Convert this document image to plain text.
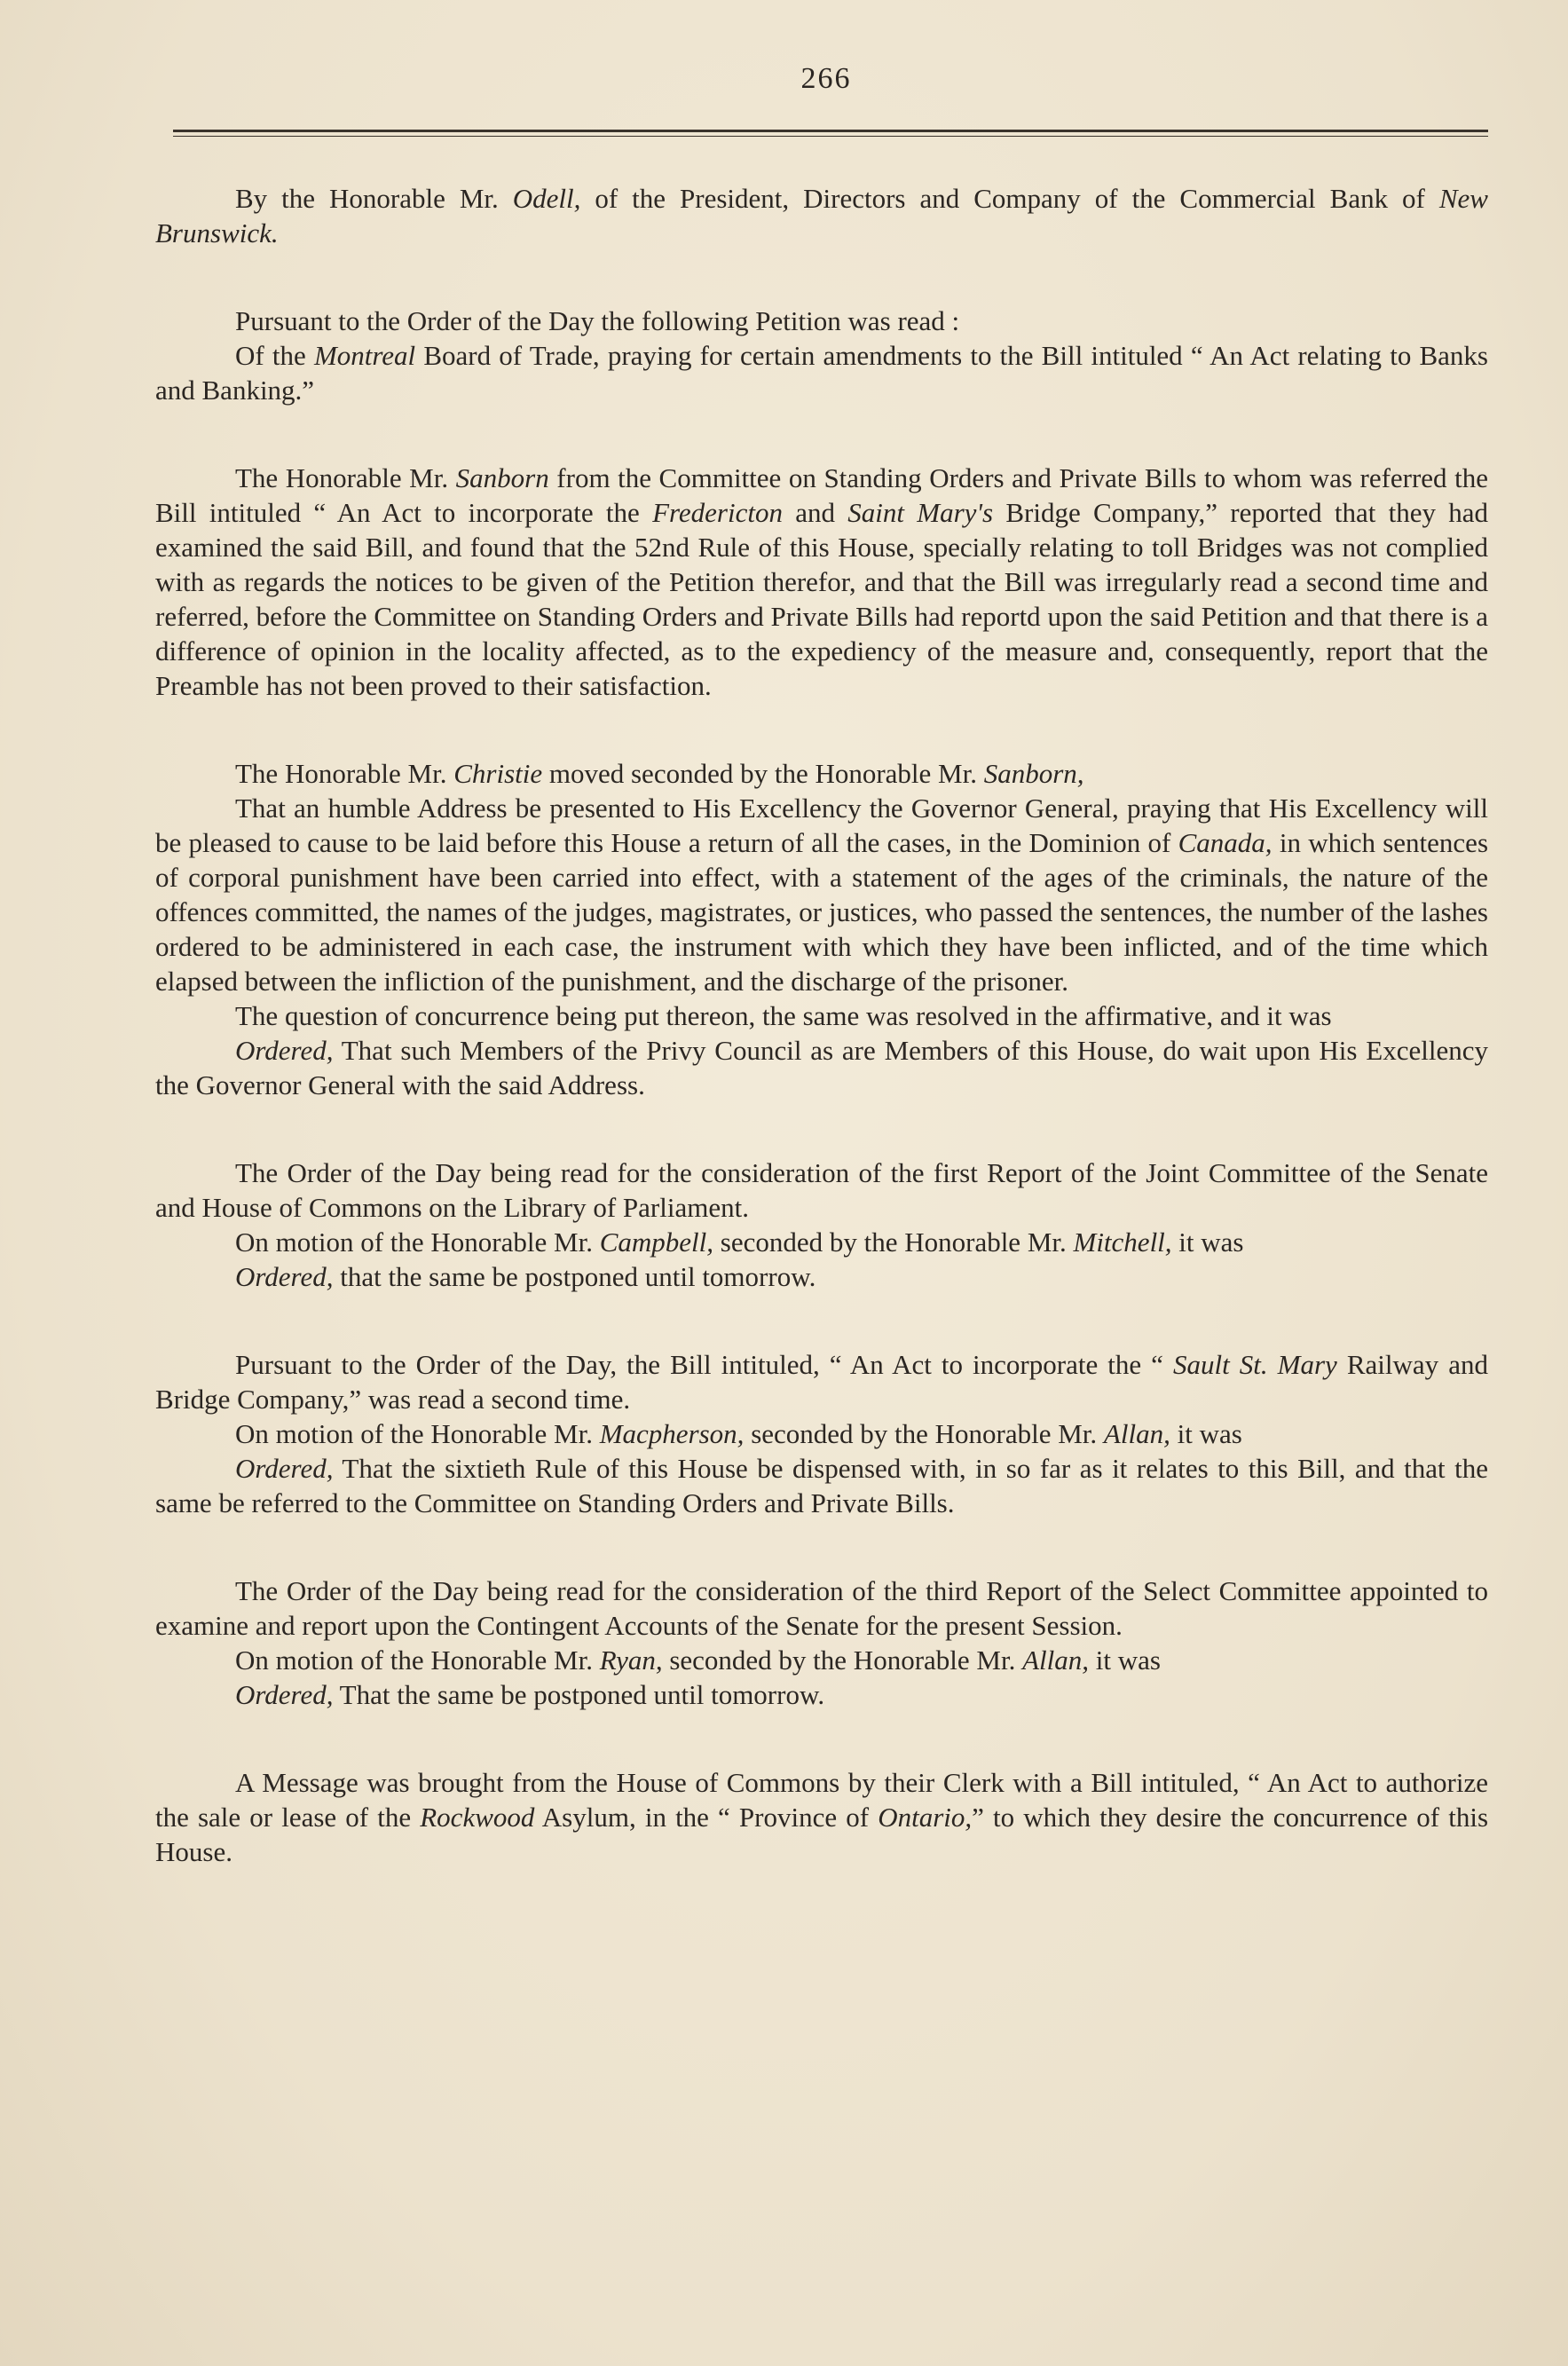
266

By the Honorable Mr. Odell, of the President, Directors and Company of the Commercial Bank of New Brunswick.

Pursuant to the Order of the Day the following Petition was read :

Of the Montreal Board of Trade, praying for certain amendments to the Bill intituled “ An Act relating to Banks and Banking.”

The Honorable Mr. Sanborn from the Committee on Standing Orders and Private Bills to whom was referred the Bill intituled “ An Act to incorporate the Fredericton and Saint Mary's Bridge Company,” reported that they had examined the said Bill, and found that the 52nd Rule of this House, specially relating to toll Bridges was not complied with as regards the notices to be given of the Petition therefor, and that the Bill was irregularly read a second time and referred, before the Committee on Standing Orders and Private Bills had reportd upon the said Petition and that there is a difference of opinion in the locality affected, as to the expediency of the measure and, consequently, report that the Preamble has not been proved to their satisfaction.

The Honorable Mr. Christie moved seconded by the Honorable Mr. Sanborn,

That an humble Address be presented to His Excellency the Governor General, praying that His Excellency will be pleased to cause to be laid before this House a return of all the cases, in the Dominion of Canada, in which sentences of corporal punishment have been carried into effect, with a statement of the ages of the criminals, the nature of the offences committed, the names of the judges, magistrates, or justices, who passed the sentences, the number of the lashes ordered to be administered in each case, the instrument with which they have been inflicted, and of the time which elapsed between the infliction of the punishment, and the discharge of the prisoner.

The question of concurrence being put thereon, the same was resolved in the affirmative, and it was

Ordered, That such Members of the Privy Council as are Members of this House, do wait upon His Excellency the Governor General with the said Address.

The Order of the Day being read for the consideration of the first Report of the Joint Committee of the Senate and House of Commons on the Library of Parliament.

On motion of the Honorable Mr. Campbell, seconded by the Honorable Mr. Mitchell, it was

Ordered, that the same be postponed until tomorrow.

Pursuant to the Order of the Day, the Bill intituled, “ An Act to incorporate the “ Sault St. Mary Railway and Bridge Company,” was read a second time.

On motion of the Honorable Mr. Macpherson, seconded by the Honorable Mr. Allan, it was

Ordered, That the sixtieth Rule of this House be dispensed with, in so far as it relates to this Bill, and that the same be referred to the Committee on Standing Orders and Private Bills.

The Order of the Day being read for the consideration of the third Report of the Select Committee appointed to examine and report upon the Contingent Accounts of the Senate for the present Session.

On motion of the Honorable Mr. Ryan, seconded by the Honorable Mr. Allan, it was

Ordered, That the same be postponed until tomorrow.

A Message was brought from the House of Commons by their Clerk with a Bill intituled, “ An Act to authorize the sale or lease of the Rockwood Asylum, in the “ Province of Ontario,” to which they desire the concurrence of this House.
